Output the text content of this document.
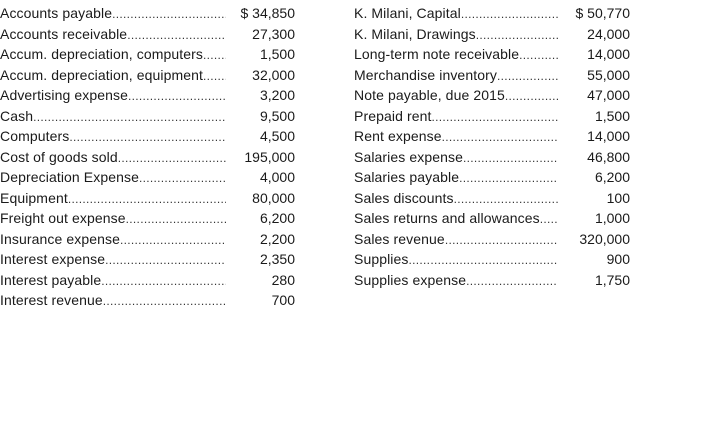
Accounts payable .....	$ 34,850
Accounts receivable .....	27,300
Accum. depreciation, computers .....	1,500
Accum. depreciation, equipment .....	32,000
Advertising expense .....	3,200
Cash .....	9,500
Computers .....	4,500
Cost of goods sold .....	195,000
Depreciation Expense .....	4,000
Equipment .....	80,000
Freight out expense .....	6,200
Insurance expense .....	2,200
Interest expense .....	2,350
Interest payable .....	280
Interest revenue .....	700
K. Milani, Capital .....	$ 50,770
K. Milani, Drawings .....	24,000
Long-term note receivable .....	14,000
Merchandise inventory .....	55,000
Note payable, due 2015 .....	47,000
Prepaid rent .....	1,500
Rent expense .....	14,000
Salaries expense .....	46,800
Salaries payable .....	6,200
Sales discounts .....	100
Sales returns and allowances .....	1,000
Sales revenue .....	320,000
Supplies .....	900
Supplies expense .....	1,750
